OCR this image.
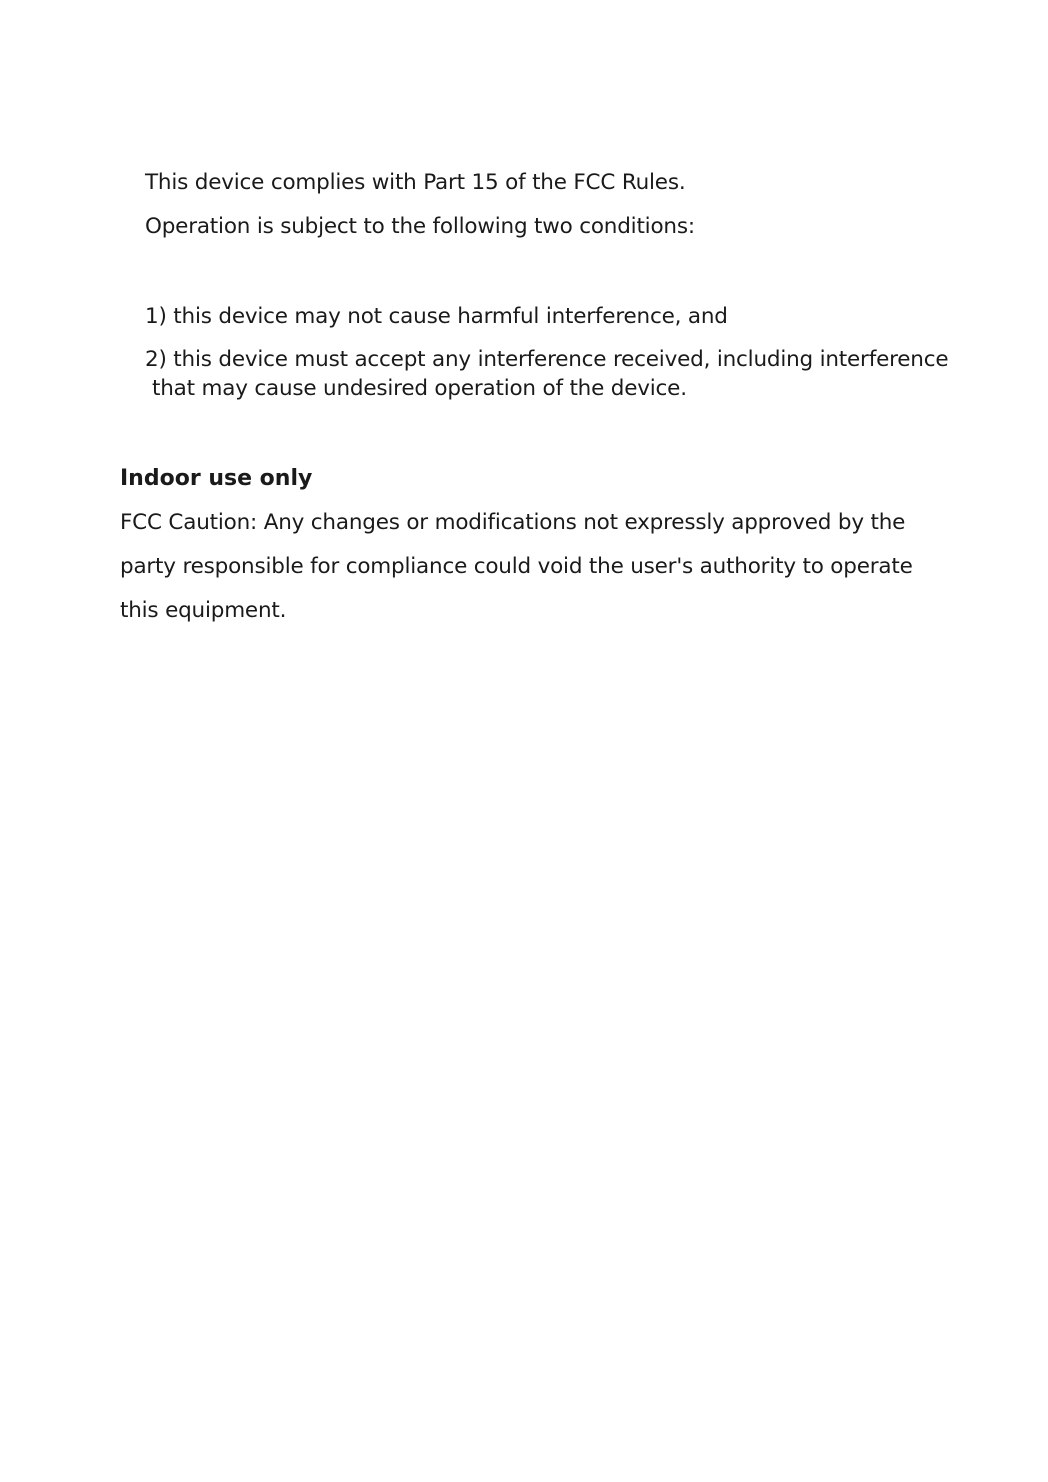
This device complies with Part 15 of the FCC Rules.
Operation is subject to the following two conditions:
1) this device may not cause harmful interference, and
2) this device must accept any interference received, including interference
that may cause undesired operation of the device.
Indoor use only
FCC Caution: Any changes or modifications not expressly approved by the
party responsible for compliance could void the user's authority to operate
this equipment.
